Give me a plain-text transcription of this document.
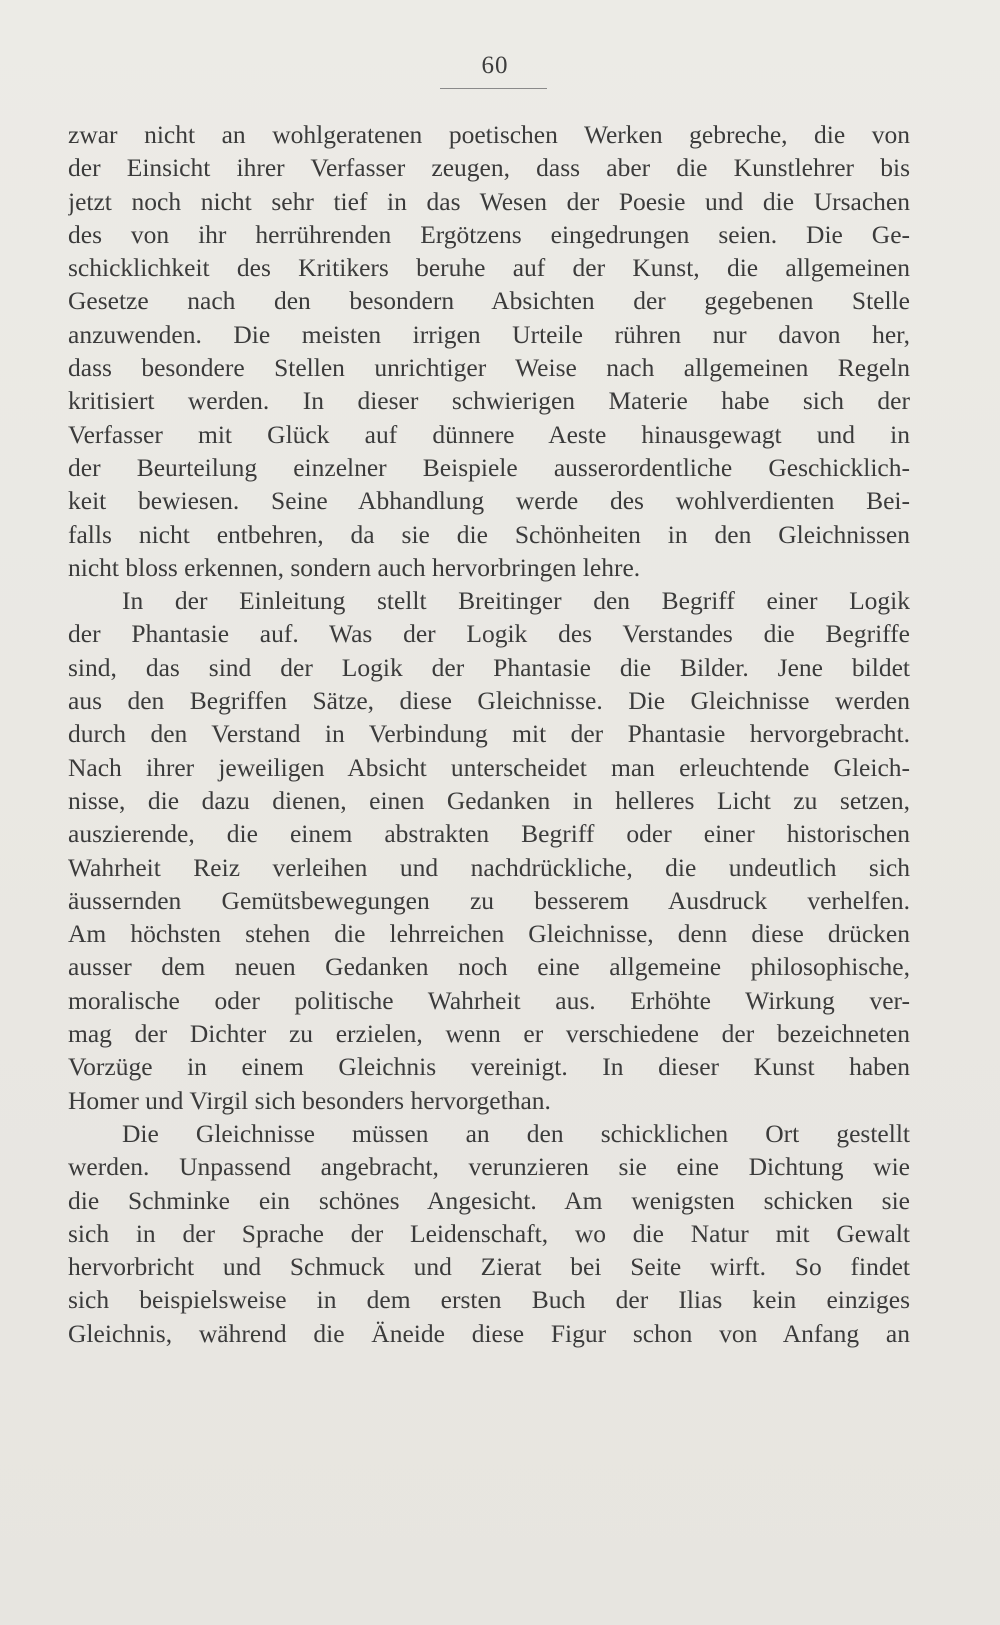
60
zwar nicht an wohlgeratenen poetischen Werken gebreche, die von
der Einsicht ihrer Verfasser zeugen, dass aber die Kunstlehrer bis
jetzt noch nicht sehr tief in das Wesen der Poesie und die Ursachen
des von ihr herrührenden Ergötzens eingedrungen seien. Die Ge-
schicklichkeit des Kritikers beruhe auf der Kunst, die allgemeinen
Gesetze nach den besondern Absichten der gegebenen Stelle
anzuwenden. Die meisten irrigen Urteile rühren nur davon her,
dass besondere Stellen unrichtiger Weise nach allgemeinen Regeln
kritisiert werden. In dieser schwierigen Materie habe sich der
Verfasser mit Glück auf dünnere Aeste hinausgewagt und in
der Beurteilung einzelner Beispiele ausserordentliche Geschicklich-
keit bewiesen. Seine Abhandlung werde des wohlverdienten Bei-
falls nicht entbehren, da sie die Schönheiten in den Gleichnissen
nicht bloss erkennen, sondern auch hervorbringen lehre.
In der Einleitung stellt Breitinger den Begriff einer Logik
der Phantasie auf. Was der Logik des Verstandes die Begriffe
sind, das sind der Logik der Phantasie die Bilder. Jene bildet
aus den Begriffen Sätze, diese Gleichnisse. Die Gleichnisse werden
durch den Verstand in Verbindung mit der Phantasie hervorgebracht.
Nach ihrer jeweiligen Absicht unterscheidet man erleuchtende Gleich-
nisse, die dazu dienen, einen Gedanken in helleres Licht zu setzen,
auszierende, die einem abstrakten Begriff oder einer historischen
Wahrheit Reiz verleihen und nachdrückliche, die undeutlich sich
äussernden Gemütsbewegungen zu besserem Ausdruck verhelfen.
Am höchsten stehen die lehrreichen Gleichnisse, denn diese drücken
ausser dem neuen Gedanken noch eine allgemeine philosophische,
moralische oder politische Wahrheit aus. Erhöhte Wirkung ver-
mag der Dichter zu erzielen, wenn er verschiedene der bezeichneten
Vorzüge in einem Gleichnis vereinigt. In dieser Kunst haben
Homer und Virgil sich besonders hervorgethan.
Die Gleichnisse müssen an den schicklichen Ort gestellt
werden. Unpassend angebracht, verunzieren sie eine Dichtung wie
die Schminke ein schönes Angesicht. Am wenigsten schicken sie
sich in der Sprache der Leidenschaft, wo die Natur mit Gewalt
hervorbricht und Schmuck und Zierat bei Seite wirft. So findet
sich beispielsweise in dem ersten Buch der Ilias kein einziges
Gleichnis, während die Äneide diese Figur schon von Anfang an
